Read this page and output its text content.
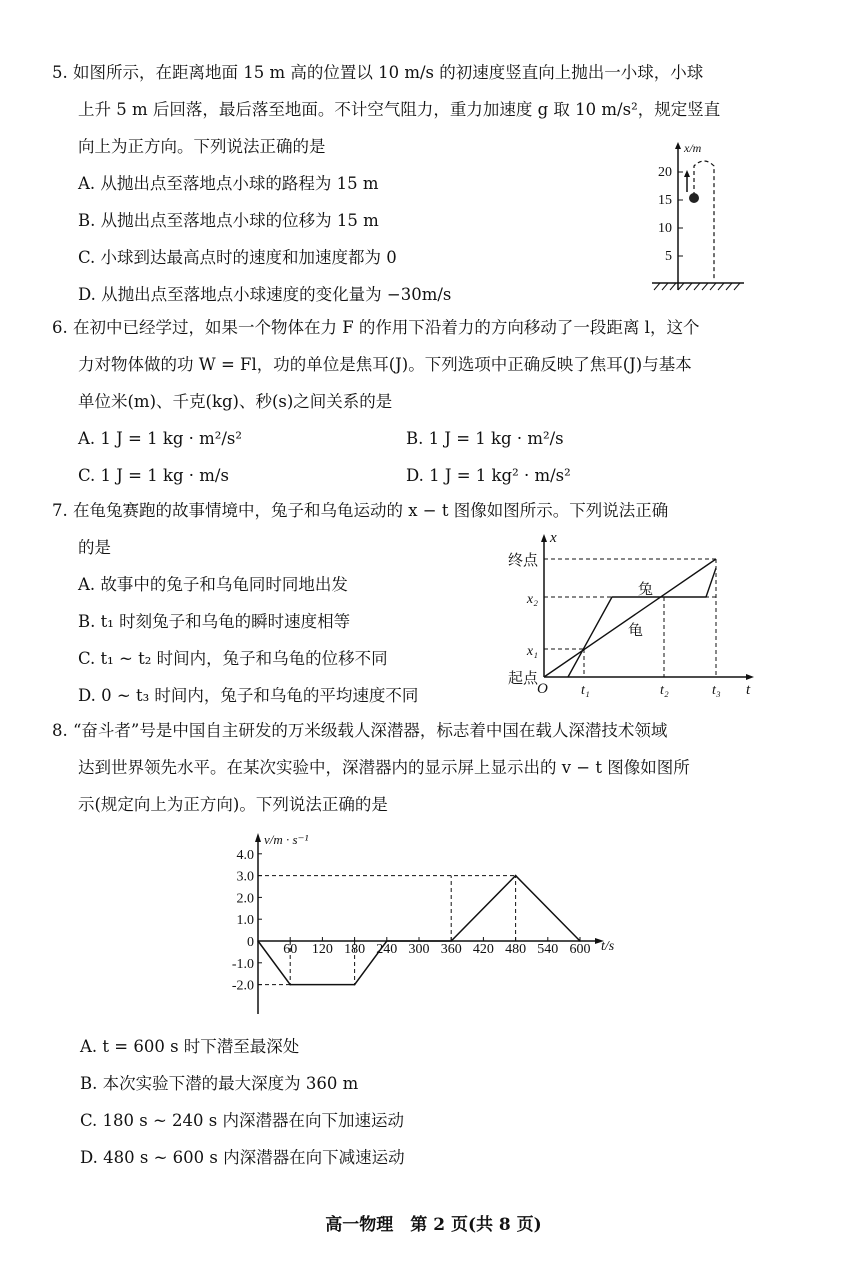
5. 如图所示，在距离地面 15 m 高的位置以 10 m/s 的初速度竖直向上抛出一小球，小球
上升 5 m 后回落，最后落至地面。不计空气阻力，重力加速度 g 取 10 m/s²，规定竖直
向上为正方向。下列说法正确的是
A. 从抛出点至落地点小球的路程为 15 m
B. 从抛出点至落地点小球的位移为 15 m
C. 小球到达最高点时的速度和加速度都为 0
D. 从抛出点至落地点小球速度的变化量为 −30m/s
x/m
20
15
10
5
6. 在初中已经学过，如果一个物体在力 F 的作用下沿着力的方向移动了一段距离 l，这个
力对物体做的功 W = Fl，功的单位是焦耳(J)。下列选项中正确反映了焦耳(J)与基本
单位米(m)、千克(kg)、秒(s)之间关系的是
A. 1 J = 1 kg · m²/s²	B. 1 J = 1 kg · m²/s
C. 1 J = 1 kg · m/s	D. 1 J = 1 kg² · m/s²
7. 在龟兔赛跑的故事情境中，兔子和乌龟运动的 x − t 图像如图所示。下列说法正确
的是
A. 故事中的兔子和乌龟同时同地出发
B. t₁ 时刻兔子和乌龟的瞬时速度相等
C. t₁ ~ t₂ 时间内，兔子和乌龟的位移不同
D. 0 ~ t₃ 时间内，兔子和乌龟的平均速度不同
x
t
O
终点
x₂
x₁
起点
兔
龟
t₁	t₂	t₃
8. “奋斗者”号是中国自主研发的万米级载人深潜器，标志着中国在载人深潜技术领域
达到世界领先水平。在某次实验中，深潜器内的显示屏上显示出的 v − t 图像如图所
示(规定向上为正方向)。下列说法正确的是
v/m · s⁻¹
t/s
60 120 180 240 300 360 420 480 540 600
4.0
3.0
2.0
1.0
0
-1.0
-2.0
A. t = 600 s 时下潜至最深处
B. 本次实验下潜的最大深度为 360 m
C. 180 s ~ 240 s 内深潜器在向下加速运动
D. 480 s ~ 600 s 内深潜器在向下减速运动
高一物理　第 2 页(共 8 页)
